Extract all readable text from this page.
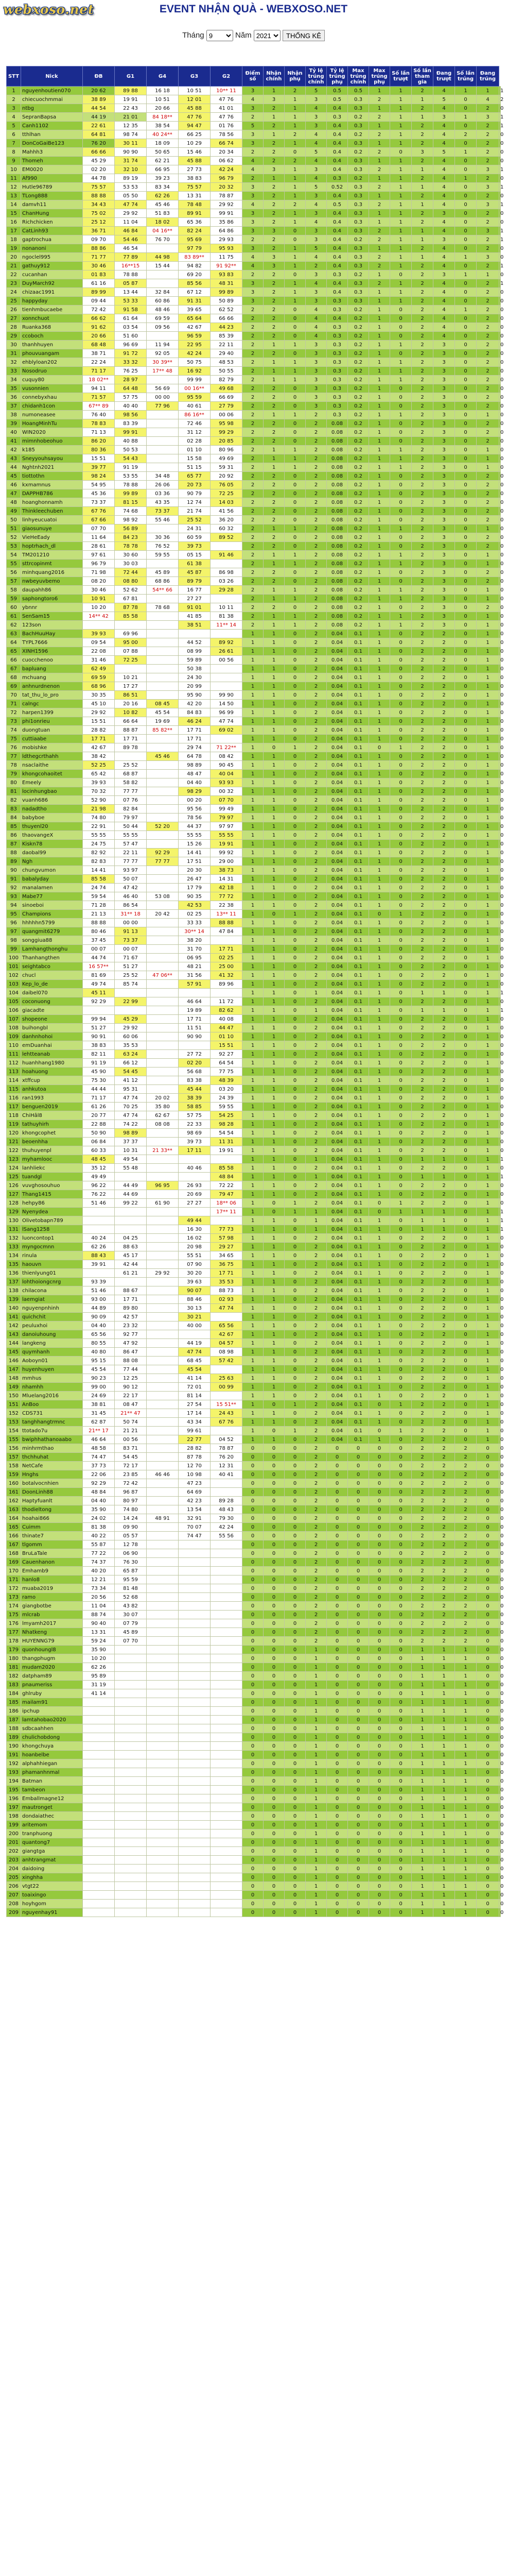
webxoso.net	EVENT NHẬN QUÀ - WEBXOSO.NET
Tháng
9	Năm
2021	THỐNG KÊ
STT	Nick	ĐB	G1	G4	G3	G2	Điểm số	Nhận chính	Nhận phụ	Tỷ lệ trúng chính	Tỷ lệ trúng phụ	Max trúng chính	Max trúng phụ	Số lần trượt	Số lần tham gia	Đang trượt	Số lần trúng	Đang trúng	
1	nguyenhoutien070	20 62	89 88	16 18	10 51	10** 11	3	1	2	5	0.5	0.5	1	1	2	4	1	1	1
2	chiecuochmmai	38 89	19 91	10 51	12 01	47 76	4	3	1	3	0.5	0.3	2	1	1	5	0	4	2
3	ntbg	44 54	22 43	20 66	45 88	41 01	3	2	1	4	0.4	0.3	1	1	2	4	0	2	0
4	SepranBapsa	44 19	21 01	84 18**	47 76	47 76	2	1	1	3	0.3	0.2	2	1	1	3	1	3	1
5	Canh1102	22 61	12 35	38 54	94 47	01 76	5	2	1	3	0.4	0.3	1	1	2	4	0	2	1
6	tthlhan	64 81	98 74	40 24**	66 25	78 56	3	1	2	4	0.4	0.2	2	1	2	4	2	2	0
7	DonCoGaiBe123	76 20	30 11	18 09	10 29	66 74	3	2	1	4	0.4	0.3	1	1	2	4	0	2	0
8	Mahhh3	66 66	90 90	50 65	15 46	20 34	2	2	0	5	0.4	0.2	2	0	3	5	1	2	0
9	Thomeh	45 29	31 74	62 21	45 88	06 62	4	2	2	4	0.4	0.3	1	1	2	4	0	2	0
10	EM0020	02 20	32 10	66 95	27 73	42 24	4	3	1	3	0.4	0.3	2	1	1	4	0	3	1
11	Af990	44 78	89 19	39 23	38 83	96 79	2	1	1	4	0.3	0.2	1	1	2	4	1	2	0
12	Hutle96789	75 57	53 53	83 34	75 57	20 32	3	2	1	5	0.52	0.3	2	1	1	4	0	3	1
13	TLong888	88 88	05 50	62 26	13 31	78 87	3	2	1	3	0.4	0.3	1	1	2	4	0	2	0
14	damvh11	34 43	47 74	45 46	78 48	29 92	4	2	2	4	0.5	0.3	2	1	1	4	0	3	1
15	ChanHung	75 02	29 92	51 83	89 91	99 91	3	2	1	3	0.4	0.3	1	1	2	3	0	2	0
16	Richchicken	25 12	11 04	18 02	65 36	35 86	3	2	1	4	0.4	0.3	1	1	2	4	0	2	0
17	CatLinh93	36 71	46 84	04 16**	82 24	64 86	3	3	0	3	0.4	0.3	2	1	1	4	0	3	1
18	gaptrochua	09 70	54 46	76 70	95 69	29 93	2	2	0	3	0.4	0.2	2	1	1	3	0	2	1
19	nonanoni	88 86	46 54		97 79	95 93	3	2	1	5	0.4	0.3	1	1	2	4	0	2	0
20	ngoclel995	71 77	77 89	44 98	83 89**	11 75	4	3	1	4	0.4	0.3	2	1	1	4	1	3	0
21	gathuy912	30 46	16**15	15 44	94 82	91 92**	4	3	1	2	0.4	0.3	2	1	2	4	0	2	1
22	cucanhan	01 83	78 88		69 20	93 83	2	2	0	3	0.3	0.2	1	0	2	3	1	1	0
23	DuyMarch92	61 16	05 87		85 56	48 31	3	2	1	4	0.4	0.3	2	1	2	4	0	2	1
24	chizaac1991	89 99	13 44	32 84	67 12	99 89	3	2	1	3	0.4	0.3	1	1	2	4	0	2	0
25	happyday	09 44	53 33	60 86	91 31	50 89	3	2	1	3	0.3	0.3	1	1	2	4	0	2	0
26	tienhmbucaebe	72 42	91 58	48 46	39 65	62 52	2	2	0	4	0.3	0.2	1	0	2	4	1	2	0
27	xonnchuot	66 62	61 64	69 59	65 64	66 66	2	2	0	4	0.4	0.2	1	0	2	4	0	2	0
28	Ruanka368	91 62	03 54	09 56	42 67	44 23	2	2	0	4	0.3	0.2	1	0	2	4	0	2	0
29	ccoboch	20 66	51 60		96 59	85 39	2	2	0	4	0.3	0.2	1	0	2	4	0	2	0
30	thanhhuyen	68 48	96 69	11 94	22 95	22 11	2	1	1	3	0.3	0.2	1	1	2	3	0	2	0
31	phouvuangam	38 71	91 72	92 05	42 24	29 40	2	2	0	3	0.3	0.2	1	0	2	3	0	2	0
32	ehblyloan202	22 24	33 32	30 39**	50 75	48 53	2	1	1	3	0.3	0.2	1	1	2	3	0	2	0
33	Nosodruo	71 17	76 25	17** 48	16 92	50 55	2	1	1	3	0.3	0.2	1	1	2	3	0	2	0
34	cuquy80	18 02**	28 97		99 99	82 79	2	1	1	3	0.3	0.2	1	1	2	3	0	2	0
35	vusonnien	94 11	64 48	56 69	00 16**	49 68	2	2	0	3	0.3	0.2	1	0	2	3	0	2	0
36	connebyxhau	71 57	57 75	00 00	95 59	66 69	2	2	0	3	0.3	0.2	1	0	2	3	0	2	0
37	chidanh1con	67** 89	40 40	77 96	40 61	27 79	2	2	0	3	0.3	0.2	1	0	2	3	0	2	0
38	numoneasee	76 40	98 56		86 16**	00 06	2	1	1	2	0.3	0.2	1	1	2	3	0	1	0
39	HoangMinhTu	78 83	83 39		72 46	95 98	2	2	0	2	0.08	0.2	1	0	2	3	0	2	0
40	WIN2020	71 13	99 91		31 12	99 29	2	2	0	2	0.08	0.2	1	0	2	3	0	2	0
41	mimnhobeohuo	86 20	40 88		02 28	20 85	2	2	0	2	0.08	0.2	1	0	2	3	0	2	0
42	k185	80 36	50 53		01 10	80 96	2	1	1	2	0.08	0.2	1	1	2	3	0	1	0
43	Sneyyouhsayou	15 51	54 43		15 58	49 69	2	1	1	2	0.08	0.2	1	1	2	3	0	1	0
44	Nghtnh2021	39 77	91 19		51 15	59 31	2	1	1	2	0.08	0.2	1	1	2	3	0	1	0
45	tiottothn	98 24	53 55	34 48	65 77	20 92	2	2	0	2	0.08	0.2	1	0	2	3	0	2	0
46	kxmamnus	54 95	78 88	26 06	20 73	76 05	2	2	0	2	0.08	0.2	1	0	2	3	0	2	0
47	DAPPHB786	45 36	99 89	03 36	90 79	72 25	2	2	0	2	0.08	0.2	1	0	2	3	0	2	0
48	hoanghonnamh	73 37	81 15	43 35	12 74	14 03	2	2	0	2	0.08	0.2	1	0	2	3	0	2	0
49	Thinkleechuben	67 76	74 68	73 37	21 74	41 56	2	2	0	2	0.08	0.2	1	0	2	3	0	2	0
50	linhyeucuatoi	67 66	98 92	55 46	25 52	36 20	2	2	0	2	0.08	0.2	1	0	2	3	0	2	0
51	giaosunuye	07 70	56 89		24 31	60 32	2	1	1	2	0.08	0.2	1	1	2	3	0	1	0
52	VieHeEady	11 64	84 23	30 36	60 59	89 52	2	2	0	2	0.08	0.2	1	0	2	3	0	2	0
53	hoptrhach_dl	28 61	78 78	76 52	39 73		2	2	0	2	0.08	0.2	1	0	2	3	0	2	0
54	TM201210	97 61	30 60	59 55	05 15	91 46	2	1	1	2	0.08	0.2	1	1	2	3	0	1	0
55	sttrcopinmt	96 79	30 03		61 38		2	1	1	2	0.08	0.2	1	1	2	3	0	1	0
56	minhquang2016	71 98	72 44	45 89	45 87	86 98	2	2	0	2	0.08	0.2	1	0	2	3	0	2	0
57	nwbeyuvbemo	08 20	08 80	68 86	89 79	03 26	2	2	0	2	0.08	0.2	1	0	2	3	0	2	0
58	daupahh86	30 46	52 62	54** 66	16 77	29 28	2	1	1	2	0.08	0.2	1	1	2	3	0	1	0
59	saphongtoro6	10 91	67 81		27 27		2	1	1	2	0.08	0.2	1	1	2	3	0	1	0
60	ybnnr	10 20	87 78	78 68	91 01	10 11	2	2	0	2	0.08	0.2	1	0	2	3	0	2	0
61	SenSam15	14** 42	85 58		41 85	81 38	2	1	1	2	0.08	0.2	1	1	2	3	0	1	0
62	123son				38 51	11** 14	2	1	1	2	0.08	0.2	1	1	2	3	0	1	0
63	BachHuuHay	39 93	69 96				1	1	0	2	0.04	0.1	1	0	2	2	0	1	0
64	TYPL7666	09 54	95 00		44 52	89 92	1	1	0	2	0.04	0.1	1	0	2	2	0	1	0
65	XINH1596	22 08	07 88		08 99	26 61	1	1	0	2	0.04	0.1	1	0	2	2	0	1	0
66	cuocchenoo	31 46	72 25		59 89	00 56	1	1	0	2	0.04	0.1	1	0	2	2	0	1	0
67	bapluang	62 49			50 38		1	1	0	2	0.04	0.1	1	0	2	2	0	1	0
68	mchuang	69 59	10 21		24 30		1	1	0	2	0.04	0.1	1	0	2	2	0	1	0
69	anhnurdnenon	68 96	17 27		20 99		1	1	0	2	0.04	0.1	1	0	2	2	0	1	0
70	tat_thu_lo_pro	30 35	86 51		95 90	99 90	1	1	0	2	0.04	0.1	1	0	2	2	0	1	0
71	calngc	45 10	20 16	08 45	42 20	14 50	1	1	0	2	0.04	0.1	1	0	2	2	0	1	0
72	harpen1399	29 92	10 82	45 54	84 83	96 99	1	1	0	2	0.04	0.1	1	0	2	2	0	1	0
73	phi1onrieu	15 51	66 64	19 69	46 24	47 74	1	1	0	2	0.04	0.1	1	0	2	2	0	1	0
74	duongtuan	28 82	88 87	85 82**	17 71	69 02	1	1	0	2	0.04	0.1	1	0	2	2	0	1	0
75	cuttiaabe	17 71	17 71		17 71		1	1	0	2	0.04	0.1	1	0	2	2	0	1	0
76	mobishke	42 67	89 78		29 74	71 22**	1	0	1	2	0.04	0.1	0	1	2	2	0	1	0
77	ldthegcrthahh	38 42		45 46	64 78	08 42	1	1	0	2	0.04	0.1	1	0	2	2	0	1	0
78	nsaclaithe	52 25	25 52		98 89	90 45	1	1	0	2	0.04	0.1	1	0	2	2	0	1	0
79	khongcohaoitet	65 42	68 87		48 47	40 04	1	1	0	2	0.04	0.1	1	0	2	2	0	1	0
80	Emeely	39 93	58 82		04 40	93 93	1	1	0	2	0.04	0.1	1	0	2	2	0	1	0
81	locinhungbao	70 32	77 77		98 29	00 32	1	1	0	2	0.04	0.1	1	0	2	2	0	1	0
82	vuanh686	52 90	07 76		00 20	07 70	1	1	0	2	0.04	0.1	1	0	2	2	0	1	0
83	nadadtho	21 98	82 84		95 56	99 49	1	1	0	2	0.04	0.1	1	0	2	2	0	1	0
84	babyboe	74 80	79 97		78 56	79 97	1	1	0	2	0.04	0.1	1	0	2	2	0	1	0
85	thuyenl20	22 91	50 44	52 20	44 37	97 97	1	1	0	2	0.04	0.1	1	0	2	2	0	1	0
86	thaovangeX	55 55	55 55		55 55	55 55	1	1	0	2	0.04	0.1	1	0	2	2	0	1	0
87	Kiskn78	24 75	57 47		15 26	19 91	1	1	0	2	0.04	0.1	1	0	2	2	0	1	0
88	daobal99	82 92	22 11	92 29	14 41	99 92	1	1	0	2	0.04	0.1	1	0	2	2	0	1	0
89	Ngh	82 83	77 77	77 77	17 51	29 00	1	1	0	2	0.04	0.1	1	0	2	2	0	1	0
90	chungvumon	14 41	93 97		20 30	38 73	1	1	0	2	0.04	0.1	1	0	2	2	0	1	0
91	babalyday	85 58	50 07		26 47	14 31	1	1	0	2	0.04	0.1	1	0	2	2	0	1	0
92	manalamen	24 74	47 42		17 79	42 18	1	1	0	2	0.04	0.1	1	0	2	2	0	1	0
93	Mabe77	59 54	46 40	53 08	90 35	77 72	1	1	0	2	0.04	0.1	1	0	2	2	0	1	0
94	sinoeboi	71 28	86 54		42 53	22 38	1	1	0	2	0.04	0.1	1	0	2	2	0	1	0
95	Champions	21 13	31** 18	20 42	02 25	13** 11	1	0	1	2	0.04	0.1	0	1	2	2	0	1	0
96	hhhhhn5799	88 88	00 00		33 33	88 88	1	1	0	2	0.04	0.1	1	0	2	2	0	1	0
97	quangmit6279	80 46	91 13		30** 14	47 84	1	1	0	2	0.04	0.1	1	0	2	2	0	1	0
98	songgiua88	37 45	73 37		38 20		1	1	0	2	0.04	0.1	1	0	2	2	0	1	0
99	Lamhangthonghu	00 07	00 07		31 70	17 71	1	1	0	2	0.04	0.1	1	0	2	2	0	1	0
100	Thanhangthen	44 74	71 67		06 95	02 25	1	1	0	2	0.04	0.1	1	0	2	2	0	1	0
101	seightabco	16 57**	51 27		48 21	25 00	1	1	0	2	0.04	0.1	1	0	2	2	0	1	0
102	chucl	81 69	25 52	47 06**	31 56	41 32	1	1	0	2	0.04	0.1	1	0	2	2	0	1	0
103	Kep_lo_de	49 74	85 74		57 91	89 96	1	1	0	2	0.04	0.1	1	0	2	2	0	1	0
104	daibel070	45 11					1	1	0	1	0.04	0.1	1	0	1	1	0	1	1
105	coconuong	92 29	22 99		46 64	11 72	1	1	0	2	0.04	0.1	1	0	2	2	0	1	0
106	giacadte				19 89	82 62	1	1	0	1	0.04	0.1	1	0	1	1	0	1	1
107	shopeone	99 94	45 29		17 71	40 08	1	1	0	2	0.04	0.1	1	0	2	2	0	1	0
108	buihongbl	51 27	29 92		11 51	44 47	1	1	0	2	0.04	0.1	1	0	2	2	0	1	0
109	danhnhohoi	90 91	60 06		90 90	01 10	1	1	0	2	0.04	0.1	1	0	2	2	0	1	0
110	emDuanhai	38 83	35 53			15 51	1	1	0	2	0.04	0.1	1	0	2	2	0	1	0
111	lehtteanab	82 11	63 24		27 72	92 27	1	1	0	2	0.04	0.1	1	0	2	2	0	1	0
112	huanhhang1980	91 19	66 12		02 20	64 54	1	1	0	2	0.04	0.1	1	0	2	2	0	1	0
113	hoahuong	45 90	54 45		56 68	77 75	1	1	0	2	0.04	0.1	1	0	2	2	0	1	0
114	xtffcup	75 30	41 12		83 38	48 39	1	1	0	2	0.04	0.1	1	0	2	2	0	1	0
115	anhkutoa	44 44	95 31		45 44	03 20	1	1	0	2	0.04	0.1	1	0	2	2	0	1	0
116	ran1993	71 17	47 74	20 02	38 39	24 39	1	1	0	2	0.04	0.1	1	0	2	2	0	1	0
117	benguen2019	61 26	70 25	35 80	58 85	59 55	1	1	0	2	0.04	0.1	1	0	2	2	0	1	0
118	ChiHâl8	20 77	47 74	62 67	57 75	54 25	1	1	0	2	0.04	0.1	1	0	2	2	0	1	0
119	tathuyhirh	22 88	74 22	08 08	22 33	98 28	1	1	0	2	0.04	0.1	1	0	2	2	0	1	0
120	khongcophet	50 90	98 89		98 69	54 54	1	1	0	2	0.04	0.1	1	0	2	2	0	1	0
121	beoenhha	06 84	37 37		39 73	11 31	1	1	0	2	0.04	0.1	1	0	2	2	0	1	0
122	thuhuyenpl	60 33	10 31	21 33**	17 11	19 91	1	1	0	2	0.04	0.1	1	0	2	2	0	1	0
123	myhamlooc	48 45	49 54				1	1	0	1	0.04	0.1	1	0	1	1	0	1	1
124	lanhliekc	35 12	55 48		40 46	85 58	1	1	0	2	0.04	0.1	1	0	2	2	0	1	0
125	tuandgl	49 49				48 84	1	1	0	1	0.04	0.1	1	0	1	1	0	1	1
126	vuvghosouhuo	96 22	44 49	96 95	26 93	72 22	1	1	0	2	0.04	0.1	1	0	2	2	0	1	0
127	Thang1415	76 22	44 69		20 69	79 47	1	1	0	2	0.04	0.1	1	0	2	2	0	1	0
128	hehpy86	51 46	99 22	61 90	27 27	18** 06	1	0	1	2	0.04	0.1	0	1	2	2	0	1	0
129	Nyenydea					17** 11	1	0	1	1	0.04	0.1	0	1	1	1	0	1	1
130	Olivetobapn789				49 44		1	1	0	1	0.04	0.1	1	0	1	1	0	1	1
131	lSang1258				16 30	77 73	1	1	0	1	0.04	0.1	1	0	1	1	0	1	1
132	luoncontop1	40 24	04 25		16 02	57 98	1	1	0	2	0.04	0.1	1	0	2	2	0	1	0
133	myngocmnn	62 26	88 63		20 98	29 27	1	1	0	2	0.04	0.1	1	0	2	2	0	1	0
134	rinula	88 43	45 17		55 51	34 65	1	1	0	2	0.04	0.1	1	0	2	2	0	1	0
135	haouvn	39 91	42 44		07 90	36 75	1	1	0	2	0.04	0.1	1	0	2	2	0	1	0
136	thienlyung01		61 21	29 92	30 20	17 71	1	1	0	2	0.04	0.1	1	0	2	2	0	1	0
137	lohthoiongcnrg	93 39			39 63	35 53	1	1	0	2	0.04	0.1	1	0	2	2	0	1	0
138	chilacona	51 46	88 67		90 07	88 73	1	1	0	2	0.04	0.1	1	0	2	2	0	1	0
139	laemgiat	93 00	17 71		88 46	02 93	1	1	0	2	0.04	0.1	1	0	2	2	0	1	0
140	nguyenpnhinh	44 89	89 80		30 13	47 74	1	1	0	2	0.04	0.1	1	0	2	2	0	1	0
141	quichchit	90 09	42 57		30 21		1	1	0	2	0.04	0.1	1	0	2	2	0	1	0
142	peuluxhoi	04 40	23 32		40 00	65 56	1	1	0	2	0.04	0.1	1	0	2	2	0	1	0
143	danoiuhoung	65 56	92 77			42 67	1	1	0	2	0.04	0.1	1	0	2	2	0	1	0
144	langkeng	80 55	47 92		44 19	04 57	1	1	0	2	0.04	0.1	1	0	2	2	0	1	0
145	quymhanh	40 80	86 47		47 74	08 98	1	1	0	2	0.04	0.1	1	0	2	2	0	1	0
146	Aoboyn01	95 15	88 08		68 45	57 42	1	1	0	2	0.04	0.1	1	0	2	2	0	1	0
147	huyenhuyen	45 54	77 44		45 54		1	1	0	2	0.04	0.1	1	0	2	2	0	1	0
148	mmhus	90 23	12 25		41 14	25 63	1	1	0	2	0.04	0.1	1	0	2	2	0	1	0
149	nhamhh	99 00	90 12		72 01	00 99	1	1	0	2	0.04	0.1	1	0	2	2	0	1	0
150	Mluelang2016	24 69	22 17		81 14		1	1	0	2	0.04	0.1	1	0	2	2	0	1	0
151	AnBoo	38 81	08 47		27 54	15 51**	1	0	1	2	0.04	0.1	0	1	2	2	0	1	0
152	CDS731	31 45	21** 47		17 14	24 43	1	1	0	2	0.04	0.1	1	0	2	2	0	1	0
153	tanghhangtrmnc	62 87	50 74		43 34	67 76	1	1	0	2	0.04	0.1	1	0	2	2	0	1	0
154	ttotado7u	21** 17	21 21		99 61		1	0	1	2	0.04	0.1	0	1	2	2	0	1	0
155	bwiphhathanoaabo	46 64	00 56		22 77	04 52	1	1	0	2	0.04	0.1	1	0	2	2	0	1	0
156	minhrmthao	48 58	83 71		28 82	78 87	0	0	0	2	0	0	0	0	2	2	2	0	0
157	thchhuhat	74 47	54 45		87 78	76 20	0	0	0	2	0	0	0	0	2	2	2	0	0
158	NetCafe	37 73	72 17		12 70	12 31	0	0	0	2	0	0	0	0	2	2	2	0	0
159	Hnghs	22 06	23 85	46 46	10 98	40 41	0	0	0	2	0	0	0	0	2	2	2	0	0
160	botalvocnhien	92 29	72 42		47 23		0	0	0	2	0	0	0	0	2	2	2	0	0
161	DoonLinh88	48 84	96 87		64 69		0	0	0	2	0	0	0	0	2	2	2	0	0
162	Haptyfuanlt	04 40	80 97		42 23	89 28	0	0	0	2	0	0	0	0	2	2	2	0	0
163	thodieltong	35 90	74 80		13 54	48 43	0	0	0	2	0	0	0	0	2	2	2	0	0
164	hoahai866	24 02	14 24	48 91	32 91	79 30	0	0	0	2	0	0	0	0	2	2	2	0	0
165	Cuimm	81 38	09 90		70 07	42 24	0	0	0	2	0	0	0	0	2	2	2	0	0
166	thinate7	40 22	05 57		74 47	55 56	0	0	0	2	0	0	0	0	2	2	2	0	0
167	tlgomm	55 87	12 78				0	0	0	2	0	0	0	0	2	2	2	0	0
168	BruLaTale	77 22	06 90				0	0	0	2	0	0	0	0	2	2	2	0	0
169	Cauenhanon	74 37	76 30				0	0	0	2	0	0	0	0	2	2	2	0	0
170	Emhamb9	40 20	65 87				0	0	0	2	0	0	0	0	2	2	2	0	0
171	hanlo8	12 21	95 59				0	0	0	2	0	0	0	0	2	2	2	0	0
172	muaba2019	73 34	81 48				0	0	0	2	0	0	0	0	2	2	2	0	0
173	ramo	20 56	52 68				0	0	0	2	0	0	0	0	2	2	2	0	0
174	giangbotbe	11 04	43 82				0	0	0	2	0	0	0	0	2	2	2	0	0
175	mlcrab	88 74	30 07				0	0	0	2	0	0	0	0	2	2	2	0	0
176	lmyamh2017	90 40	07 79				0	0	0	2	0	0	0	0	2	2	2	0	0
177	Nhatkeng	13 31	45 89				0	0	0	2	0	0	0	0	2	2	2	0	0
178	HUYENNG79	59 24	07 70				0	0	0	2	0	0	0	0	2	2	2	0	0
179	quonhoungl8	35 90					0	0	0	1	0	0	0	0	1	1	1	0	0
180	thangphugm	10 20					0	0	0	1	0	0	0	0	1	1	1	0	0
181	mudam2020	62 26					0	0	0	1	0	0	0	0	1	1	1	0	0
182	datpham89	95 89					0	0	0	1	0	0	0	0	1	1	1	0	0
183	pnaumeriss	31 19					0	0	0	1	0	0	0	0	1	1	1	0	0
184	ghlruby	41 14					0	0	0	1	0	0	0	0	1	1	1	0	0
185	mailam91						0	0	0	1	0	0	0	0	1	1	1	0	0
186	ipchup						0	0	0	1	0	0	0	0	1	1	1	0	0
187	lamtahobao2020						0	0	0	1	0	0	0	0	1	1	1	0	0
188	sdbcaahhen						0	0	0	1	0	0	0	0	1	1	1	0	0
189	chulichobdong						0	0	0	1	0	0	0	0	1	1	1	0	0
190	khongchuya						0	0	0	1	0	0	0	0	1	1	1	0	0
191	hoanbelbe						0	0	0	1	0	0	0	0	1	1	1	0	0
192	alphahhiegan						0	0	0	1	0	0	0	0	1	1	1	0	0
193	phamanhnmal						0	0	0	1	0	0	0	0	1	1	1	0	0
194	Batman						0	0	0	1	0	0	0	0	1	1	1	0	0
195	tambeon						0	0	0	1	0	0	0	0	1	1	1	0	0
196	Emballmagne12						0	0	0	1	0	0	0	0	1	1	1	0	0
197	mautronget						0	0	0	1	0	0	0	0	1	1	1	0	0
198	dondaiathec						0	0	0	1	0	0	0	0	1	1	1	0	0
199	aritemom						0	0	0	1	0	0	0	0	1	1	1	0	0
200	tranphuong						0	0	0	1	0	0	0	0	1	1	1	0	0
201	quantong7						0	0	0	1	0	0	0	0	1	1	1	0	0
202	giangtga						0	0	0	1	0	0	0	0	1	1	1	0	0
203	anhtrangmat						0	0	0	1	0	0	0	0	1	1	1	0	0
204	daidoing						0	0	0	1	0	0	0	0	1	1	1	0	0
205	xinghha						0	0	0	1	0	0	0	0	1	1	1	0	0
206	vtgt22						0	0	0	1	0	0	0	0	1	1	1	0	0
207	toaixingo						0	0	0	1	0	0	0	0	1	1	1	0	0
208	hoyhgom						0	0	0	1	0	0	0	0	1	1	1	0	0
209	nguyenhay91						0	0	0	1	0	0	0	0	1	1	1	0	0
